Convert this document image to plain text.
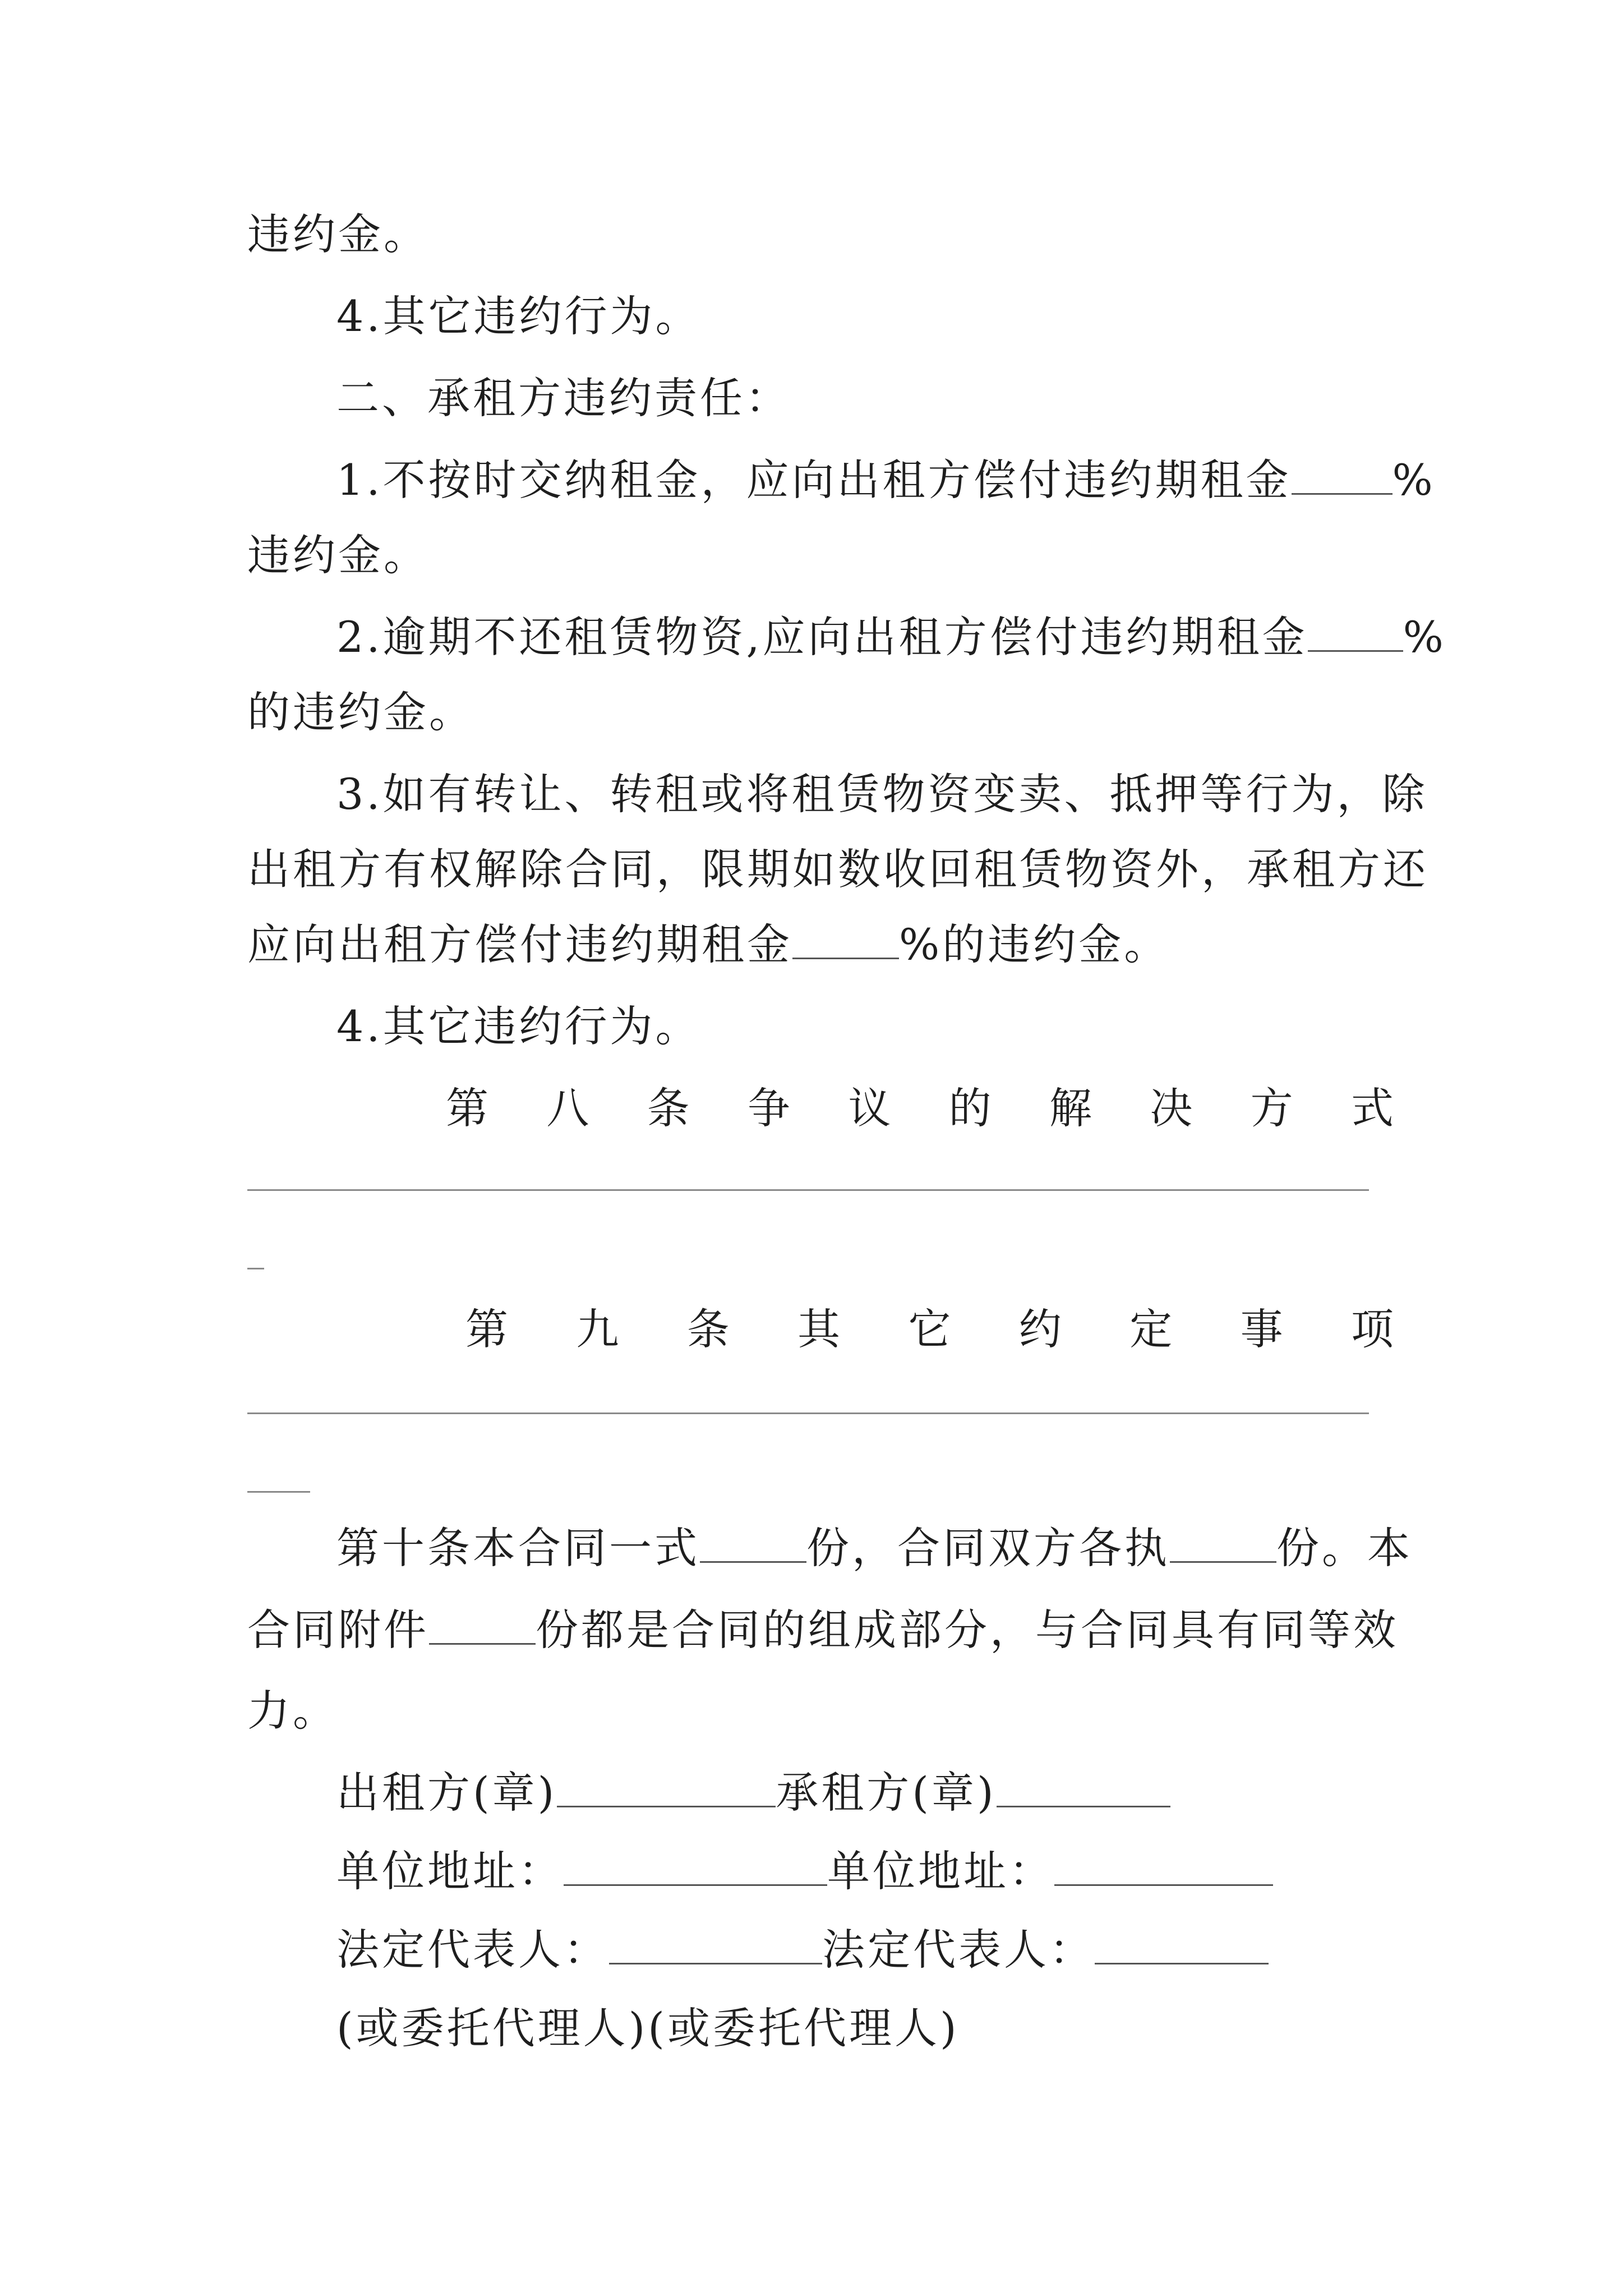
违约金。
4.其它违约行为。
二、承租方违约责任：
1.不按时交纳租金，应向出租方偿付违约期租金 %
违约金。
2.逾期不还租赁物资,应向出租方偿付违约期租金 %
的违约金。
3.如有转让、转租或将租赁物资变卖、抵押等行为，除
出租方有权解除合同，限期如数收回租赁物资外，承租方还
应向出租方偿付违约期租金	%的违约金。
4.其它违约行为。
第 八 条 争 议 的 解 决 方 式
第 九 条 其 它 约 定 事 项
第十条本合同一式	份，合同双方各执	份。本
合同附件	份都是合同的组成部分，与合同具有同等效
力。
出租方(章)	承租方(章)
单位地址：	单位地址：
法定代表人：	法定代表人：
(或委托代理人)(或委托代理人)
